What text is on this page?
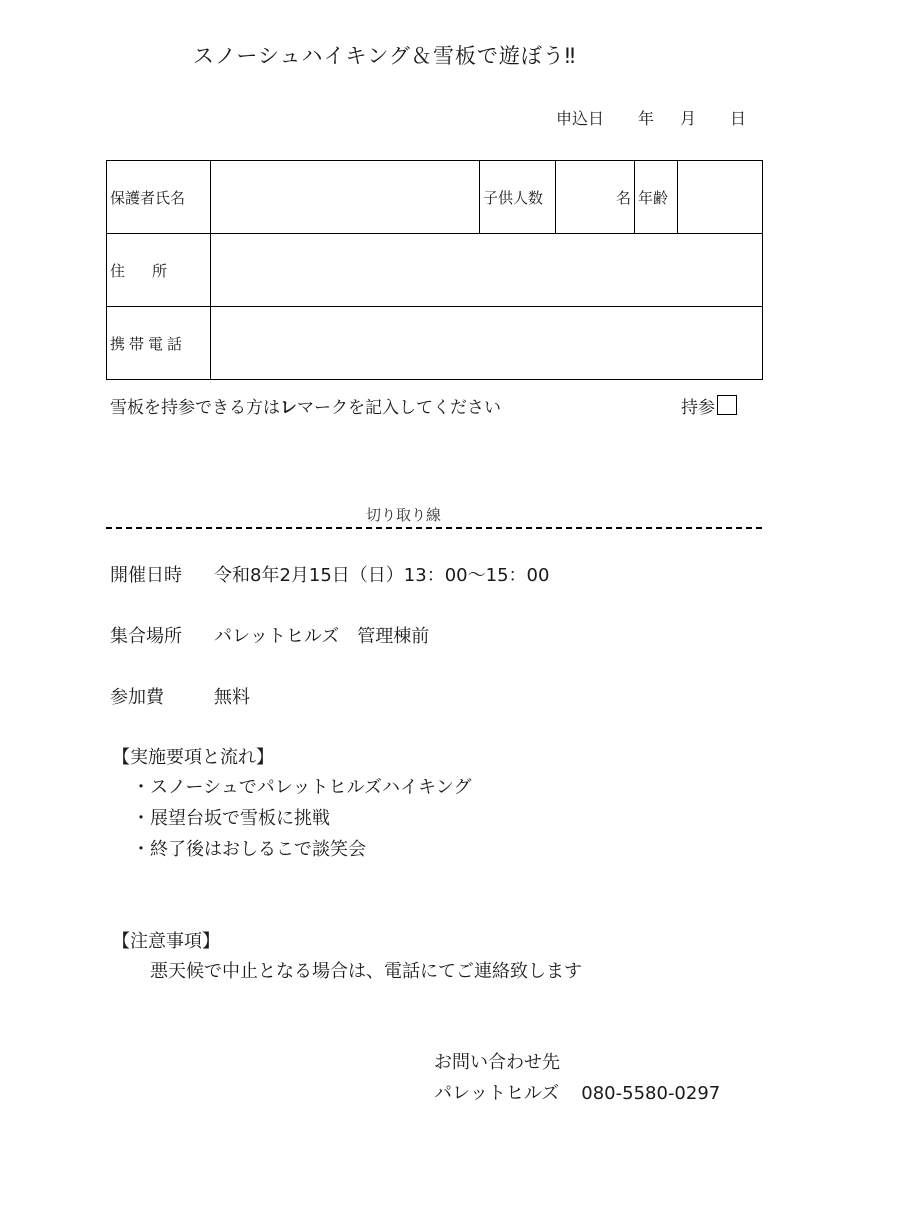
スノーシュハイキング＆雪板で遊ぼう‼
申込日 年 月 日
保護者氏名		子供人数	名	年齢	
住　所					
携帯電話					
雪板を持参できる方はレマークを記入してください	持参
切り取り線
開催日時 令和8年2月15日（日）13：00～15：00
集合場所 パレットヒルズ　管理棟前
参加費	無料
【実施要項と流れ】
・スノーシュでパレットヒルズハイキング
・展望台坂で雪板に挑戦
・終了後はおしるこで談笑会
【注意事項】
悪天候で中止となる場合は、電話にてご連絡致します
お問い合わせ先
パレットヒルズ 080-5580-0297
